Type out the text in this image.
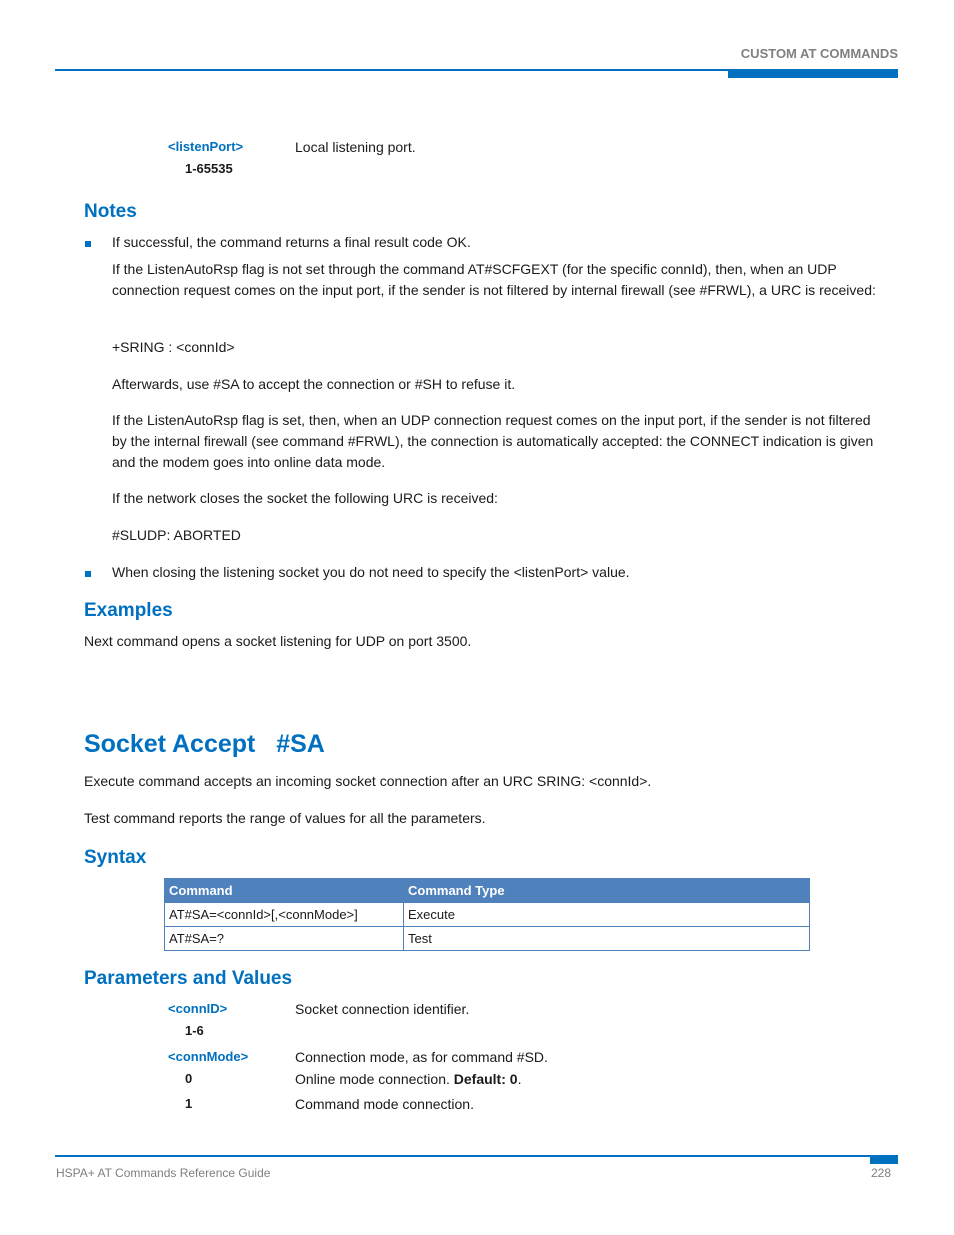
CUSTOM AT COMMANDS
<listenPort>	Local listening port.
1-65535
Notes
If successful, the command returns a final result code OK.
If the ListenAutoRsp flag is not set through the command AT#SCFGEXT (for the specific connId), then, when an UDP connection request comes on the input port, if the sender is not filtered by internal firewall (see #FRWL), a URC is received:
+SRING : <connId>
Afterwards, use #SA to accept the connection or #SH to refuse it.
If the ListenAutoRsp flag is set, then, when an UDP connection request comes on the input port, if the sender is not filtered by the internal firewall (see command #FRWL), the connection is automatically accepted: the CONNECT indication is given and the modem goes into online data mode.
If the network closes the socket the following URC is received:
#SLUDP: ABORTED
When closing the listening socket you do not need to specify the <listenPort> value.
Examples
Next command opens a socket listening for UDP on port 3500.
Socket Accept   #SA
Execute command accepts an incoming socket connection after an URC SRING: <connId>.
Test command reports the range of values for all the parameters.
Syntax
Command	Command Type
AT#SA=<connId>[,<connMode>]	Execute
AT#SA=?	Test
Parameters and Values
<connID>	Socket connection identifier.
1-6
<connMode>	Connection mode, as for command #SD.
0	Online mode connection. Default: 0.
1	Command mode connection.
HSPA+ AT Commands Reference Guide	228
